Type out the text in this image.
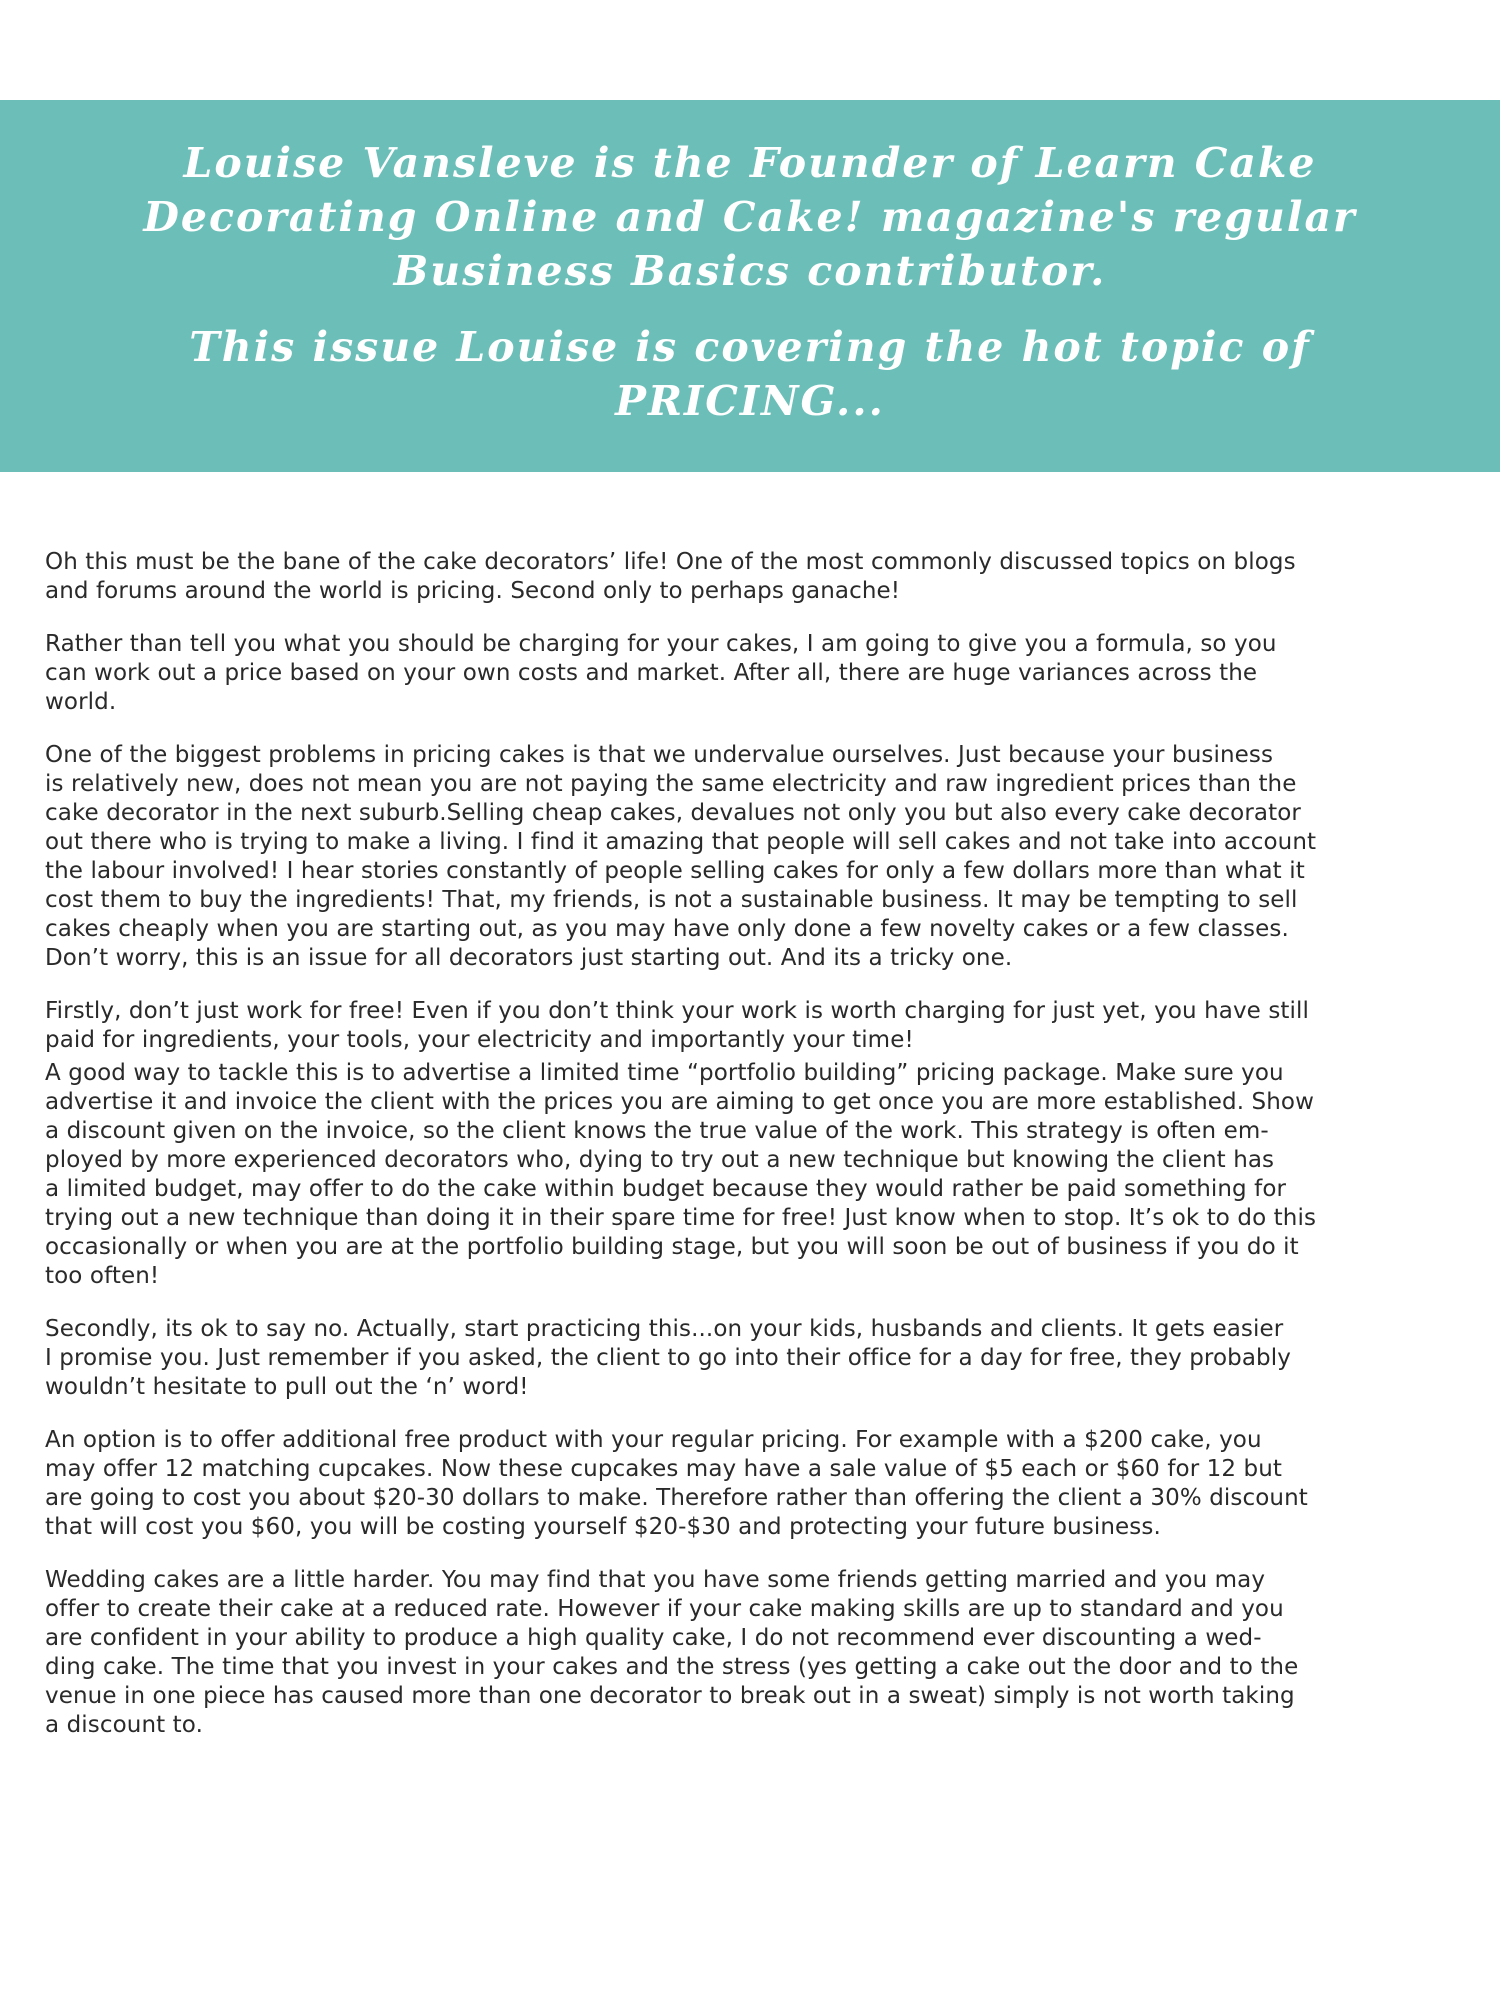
Louise Vansleve is the Founder of Learn Cake
Decorating Online and Cake! magazine's regular
Business Basics contributor.
This issue Louise is covering the hot topic of
PRICING...

Oh this must be the bane of the cake decorators’ life! One of the most commonly discussed topics on blogs
and forums around the world is pricing. Second only to perhaps ganache!

Rather than tell you what you should be charging for your cakes, I am going to give you a formula, so you
can work out a price based on your own costs and market. After all, there are huge variances across the
world.

One of the biggest problems in pricing cakes is that we undervalue ourselves. Just because your business
is relatively new, does not mean you are not paying the same electricity and raw ingredient prices than the
cake decorator in the next suburb.Selling cheap cakes, devalues not only you but also every cake decorator
out there who is trying to make a living. I find it amazing that people will sell cakes and not take into account
the labour involved! I hear stories constantly of people selling cakes for only a few dollars more than what it
cost them to buy the ingredients! That, my friends, is not a sustainable business. It may be tempting to sell
cakes cheaply when you are starting out, as you may have only done a few novelty cakes or a few classes.
Don’t worry, this is an issue for all decorators just starting out. And its a tricky one.

Firstly, don’t just work for free! Even if you don’t think your work is worth charging for just yet, you have still
paid for ingredients, your tools, your electricity and importantly your time!

A good way to tackle this is to advertise a limited time “portfolio building” pricing package. Make sure you
advertise it and invoice the client with the prices you are aiming to get once you are more established. Show
a discount given on the invoice, so the client knows the true value of the work. This strategy is often em-
ployed by more experienced decorators who, dying to try out a new technique but knowing the client has
a limited budget, may offer to do the cake within budget because they would rather be paid something for
trying out a new technique than doing it in their spare time for free! Just know when to stop. It’s ok to do this
occasionally or when you are at the portfolio building stage, but you will soon be out of business if you do it
too often!

Secondly, its ok to say no. Actually, start practicing this...on your kids, husbands and clients. It gets easier
I promise you. Just remember if you asked, the client to go into their office for a day for free, they probably
wouldn’t hesitate to pull out the ‘n’ word!

An option is to offer additional free product with your regular pricing. For example with a $200 cake, you
may offer 12 matching cupcakes. Now these cupcakes may have a sale value of $5 each or $60 for 12 but
are going to cost you about $20-30 dollars to make. Therefore rather than offering the client a 30% discount
that will cost you $60, you will be costing yourself $20-$30 and protecting your future business.

Wedding cakes are a little harder. You may find that you have some friends getting married and you may
offer to create their cake at a reduced rate. However if your cake making skills are up to standard and you
are confident in your ability to produce a high quality cake, I do not recommend ever discounting a wed-
ding cake. The time that you invest in your cakes and the stress (yes getting a cake out the door and to the
venue in one piece has caused more than one decorator to break out in a sweat) simply is not worth taking
a discount to.
